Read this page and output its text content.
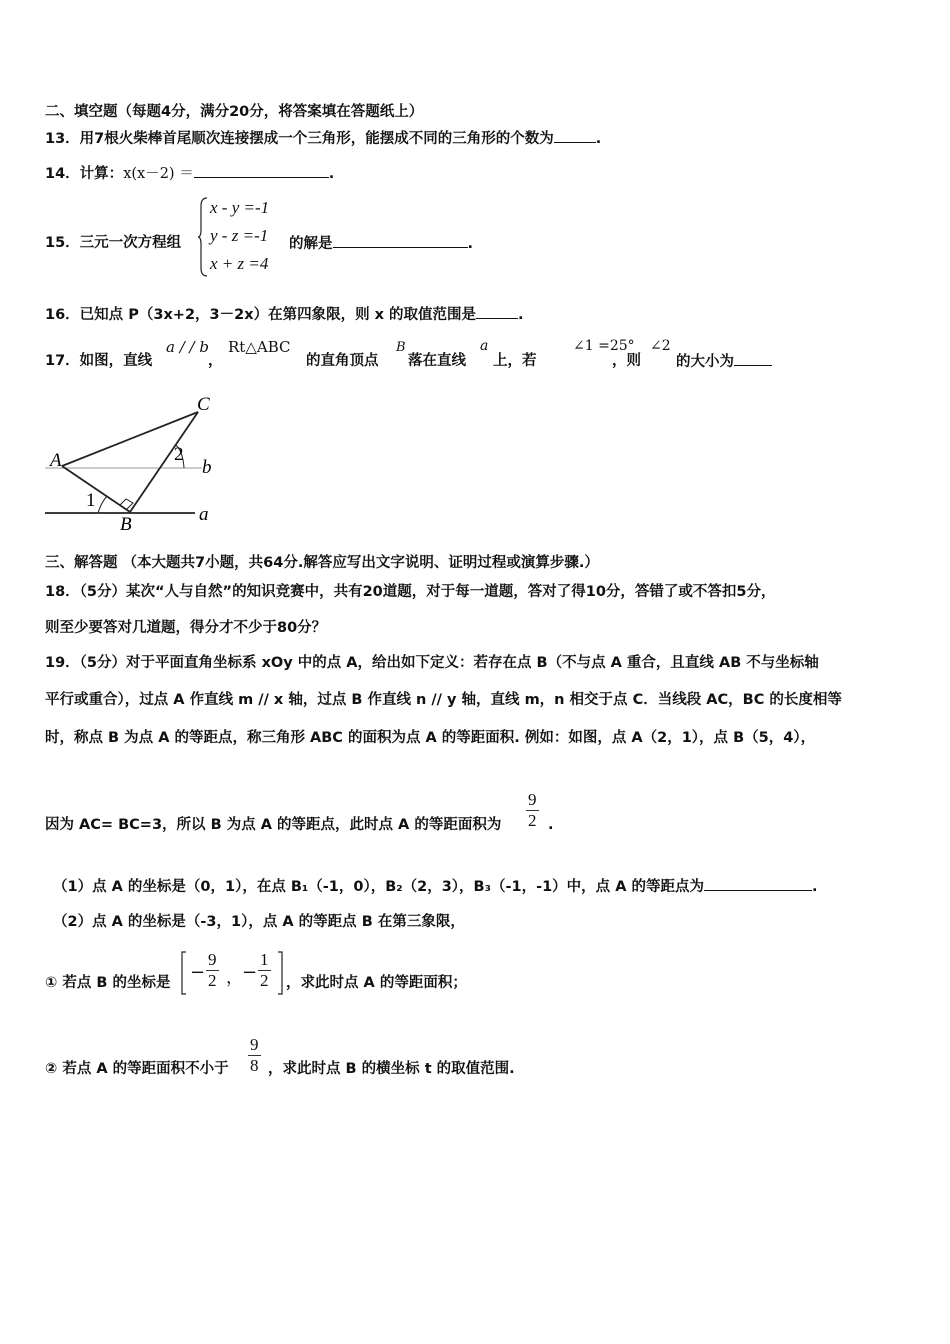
二、填空题（每题4分，满分20分，将答案填在答题纸上）
13．用7根火柴棒首尾顺次连接摆成一个三角形，能摆成不同的三角形的个数为	.
14．计算：x(x－2) ＝	.
15．三元一次方程组
x - y =-1
y - z =-1
x + z =4
的解是	.
16．已知点 P（3x+2，3－2x）在第四象限，则 x 的取值范围是	.
17．如图，直线
a / / b
，
Rt△ABC
的直角顶点
B
落在直线
a
上，若
∠1 =25°
，则
∠2
的大小为
A
B
C
b
a
1
2
三、解答题 （本大题共7小题，共64分.解答应写出文字说明、证明过程或演算步骤.）
18．（5分）某次“人与自然”的知识竞赛中，共有20道题，对于每一道题，答对了得10分，答错了或不答扣5分，
则至少要答对几道题，得分才不少于80分？
19．（5分）对于平面直角坐标系 xOy 中的点 A，给出如下定义：若存在点 B（不与点 A 重合，且直线 AB 不与坐标轴
平行或重合），过点 A 作直线 m // x 轴，过点 B 作直线 n // y 轴，直线 m，n 相交于点 C．当线段 AC，BC 的长度相等
时，称点 B 为点 A 的等距点，称三角形 ABC 的面积为点 A 的等距面积. 例如：如图，点 A（2，1），点 B（5，4），
因为 AC= BC=3，所以 B 为点 A 的等距点，此时点 A 的等距面积为 $\frac{9}{2}$ .
（1）点 A 的坐标是（0，1），在点 B₁（-1，0），B₂（2，3），B₃（-1，-1）中，点 A 的等距点为	.
（2）点 A 的坐标是（-3，1），点 A 的等距点 B 在第三象限，
① 若点 B 的坐标是 − $\frac{9}{2}$ ， − $\frac{1}{2}$ ，求此时点 A 的等距面积；
② 若点 A 的等距面积不小于 $\frac{9}{8}$ ，求此时点 B 的横坐标 t 的取值范围.
